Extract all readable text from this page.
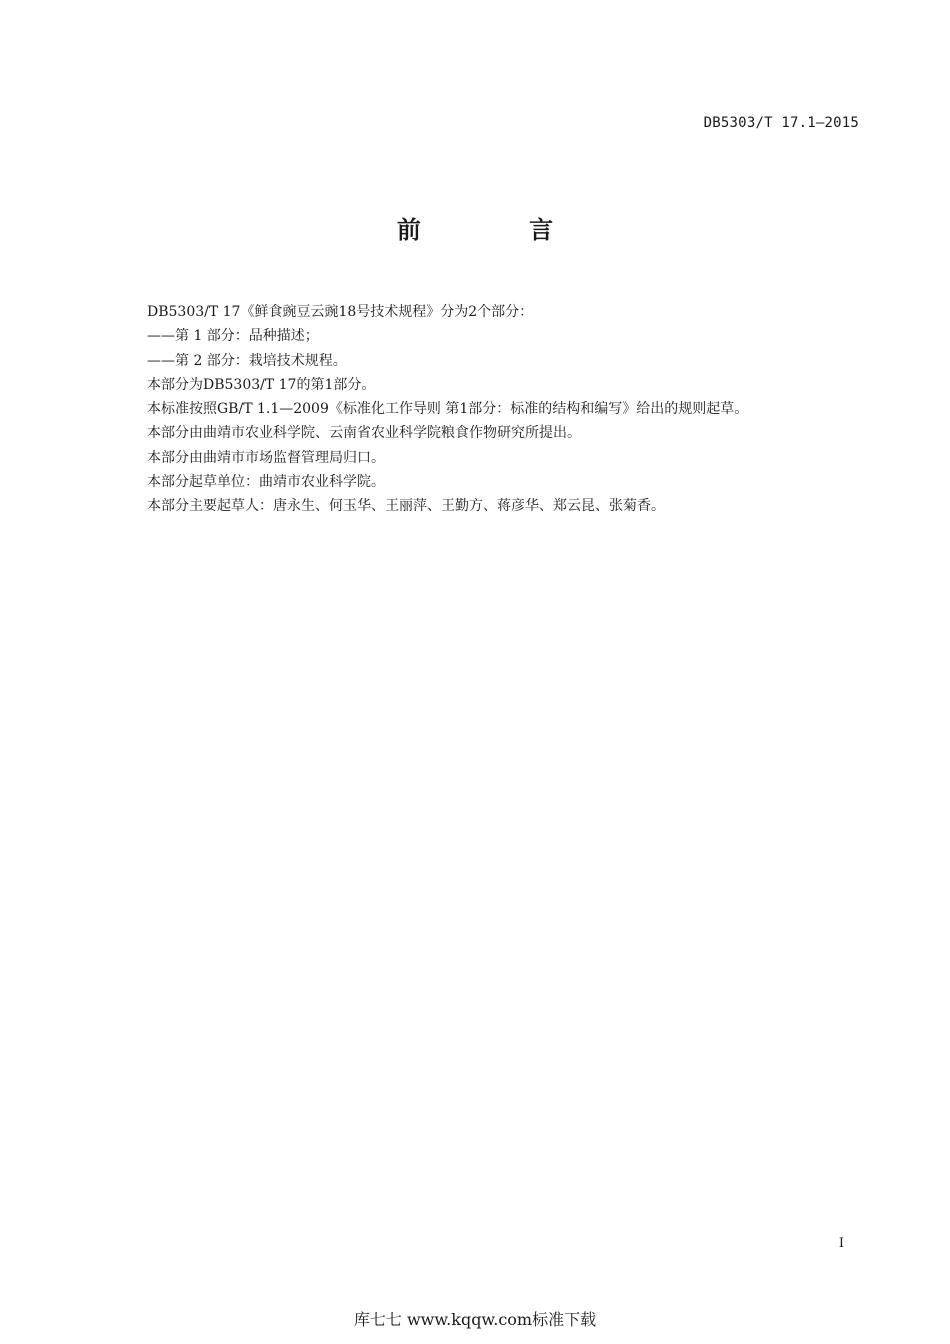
DB5303/T 17.1—2015
前 言

DB5303/T 17《鲜食豌豆云豌18号技术规程》分为2个部分：

——第 1 部分：品种描述；

——第 2 部分：栽培技术规程。

本部分为DB5303/T 17的第1部分。

本标准按照GB/T 1.1—2009《标准化工作导则 第1部分：标准的结构和编写》给出的规则起草。

本部分由曲靖市农业科学院、云南省农业科学院粮食作物研究所提出。

本部分由曲靖市市场监督管理局归口。

本部分起草单位：曲靖市农业科学院。

本部分主要起草人：唐永生、何玉华、王丽萍、王勤方、蒋彦华、郑云昆、张菊香。

I
库七七 www.kqqw.com标准下载
